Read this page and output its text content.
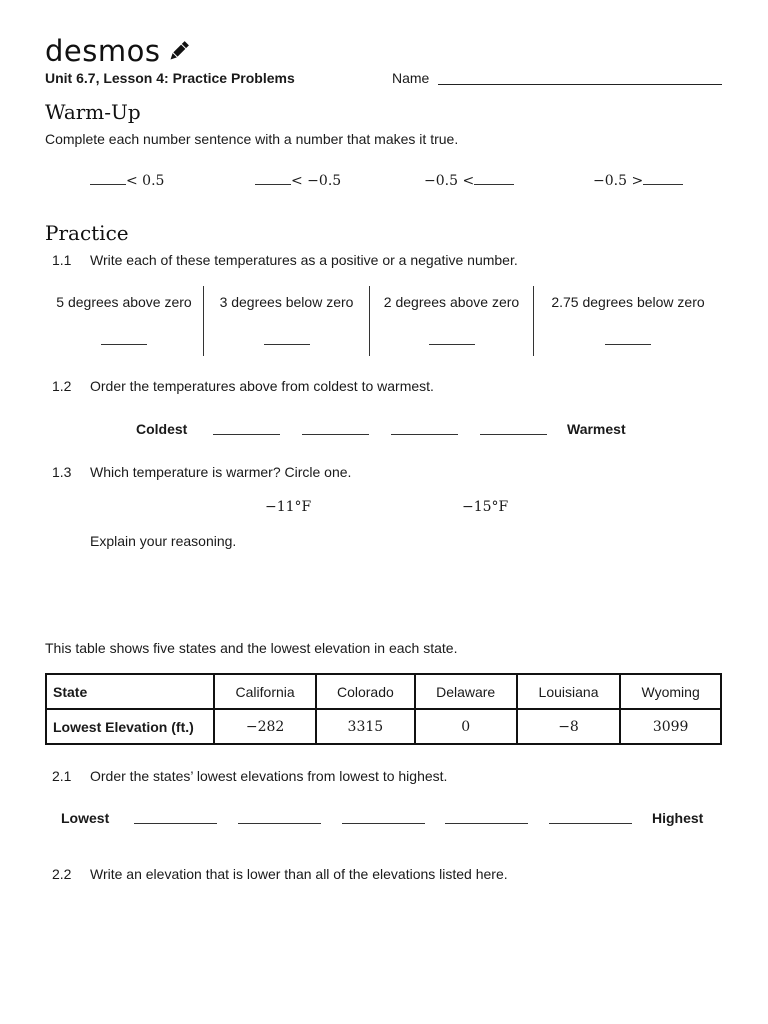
desmos
Unit 6.7, Lesson 4: Practice Problems	Name
Warm-Up
Complete each number sentence with a number that makes it true.
< 0.5	< −0.5	−0.5 <	−0.5 >
Practice
1.1 Write each of these temperatures as a positive or a negative number.
5 degrees above zero	3 degrees below zero	2 degrees above zero	2.75 degrees below zero
1.2 Order the temperatures above from coldest to warmest.
Coldest	Warmest
1.3 Which temperature is warmer? Circle one.
−11°F	−15°F
Explain your reasoning.
This table shows five states and the lowest elevation in each state.
State	California	Colorado	Delaware	Louisiana	Wyoming
Lowest Elevation (ft.)	−282	3315	0	−8	3099
2.1 Order the states’ lowest elevations from lowest to highest.
Lowest	Highest
2.2 Write an elevation that is lower than all of the elevations listed here.
